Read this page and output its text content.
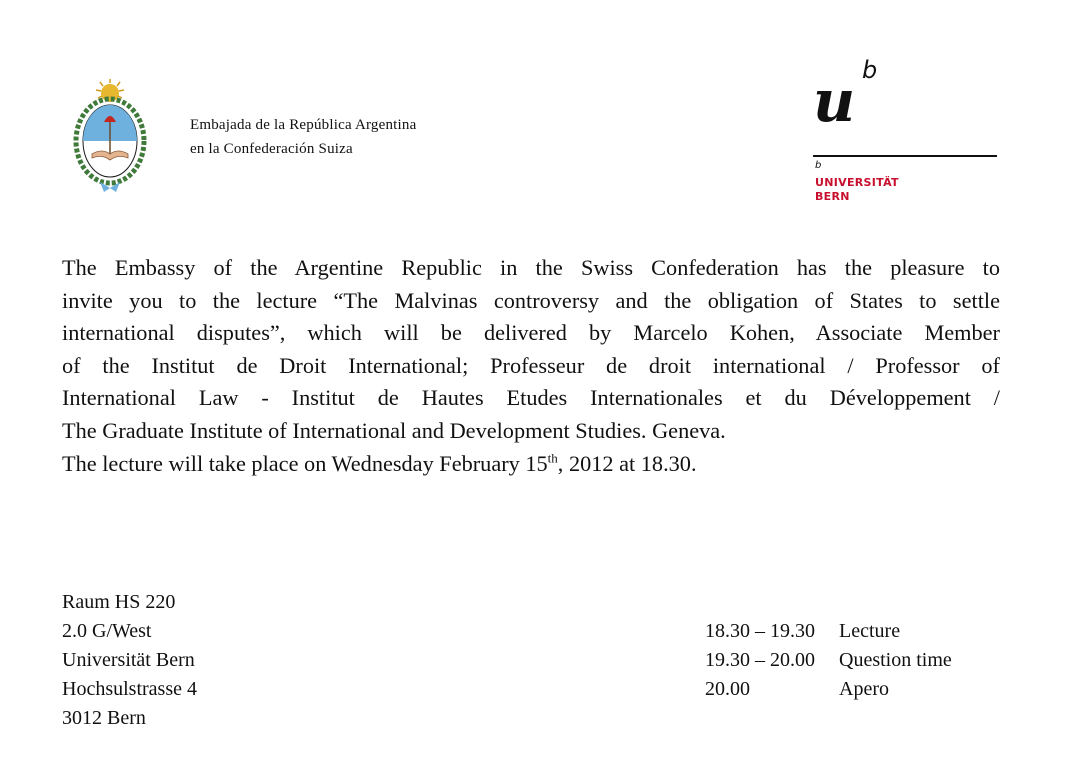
Embajada de la República Argentina
en la Confederación Suiza
u b
b
UNIVERSITÄT
BERN
The Embassy of the Argentine Republic in the Swiss Confederation has the pleasure to
invite you to the lecture “The Malvinas controversy and the obligation of States to settle
international disputes”, which will be delivered by Marcelo Kohen, Associate Member
of the Institut de Droit International; Professeur de droit international / Professor of
International Law - Institut de Hautes Etudes Internationales et du Développement /
The Graduate Institute of International and Development Studies. Geneva.
The lecture will take place on Wednesday February 15th, 2012 at 18.30.
Raum HS 220
2.0 G/West
Universität Bern
Hochsulstrasse 4
3012 Bern
18.30 – 19.30	Lecture
19.30 – 20.00	Question time
20.00	Apero
